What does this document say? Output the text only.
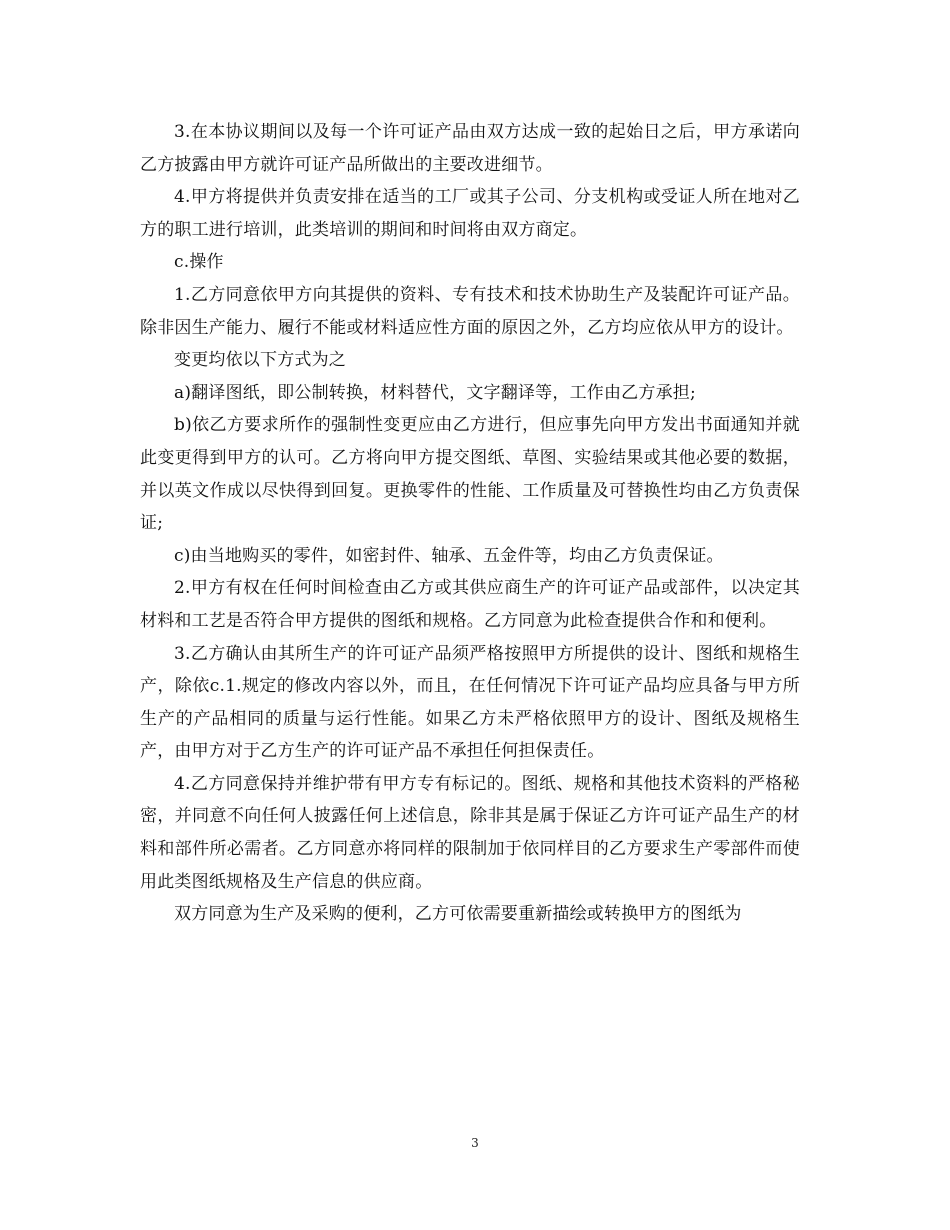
3.在本协议期间以及每一个许可证产品由双方达成一致的起始日之后，甲方承诺向乙方披露由甲方就许可证产品所做出的主要改进细节。

4.甲方将提供并负责安排在适当的工厂或其子公司、分支机构或受证人所在地对乙方的职工进行培训，此类培训的期间和时间将由双方商定。

c.操作

1.乙方同意依甲方向其提供的资料、专有技术和技术协助生产及装配许可证产品。除非因生产能力、履行不能或材料适应性方面的原因之外，乙方均应依从甲方的设计。

变更均依以下方式为之

a)翻译图纸，即公制转换，材料替代，文字翻译等，工作由乙方承担;

b)依乙方要求所作的强制性变更应由乙方进行，但应事先向甲方发出书面通知并就此变更得到甲方的认可。乙方将向甲方提交图纸、草图、实验结果或其他必要的数据，并以英文作成以尽快得到回复。更换零件的性能、工作质量及可替换性均由乙方负责保证;

c)由当地购买的零件，如密封件、轴承、五金件等，均由乙方负责保证。

2.甲方有权在任何时间检查由乙方或其供应商生产的许可证产品或部件，以决定其材料和工艺是否符合甲方提供的图纸和规格。乙方同意为此检查提供合作和和便利。

3.乙方确认由其所生产的许可证产品须严格按照甲方所提供的设计、图纸和规格生产，除依c.1.规定的修改内容以外，而且，在任何情况下许可证产品均应具备与甲方所生产的产品相同的质量与运行性能。如果乙方未严格依照甲方的设计、图纸及规格生产，由甲方对于乙方生产的许可证产品不承担任何担保责任。

4.乙方同意保持并维护带有甲方专有标记的。图纸、规格和其他技术资料的严格秘密，并同意不向任何人披露任何上述信息，除非其是属于保证乙方许可证产品生产的材料和部件所必需者。乙方同意亦将同样的限制加于依同样目的乙方要求生产零部件而使用此类图纸规格及生产信息的供应商。

双方同意为生产及采购的便利，乙方可依需要重新描绘或转换甲方的图纸为

3
